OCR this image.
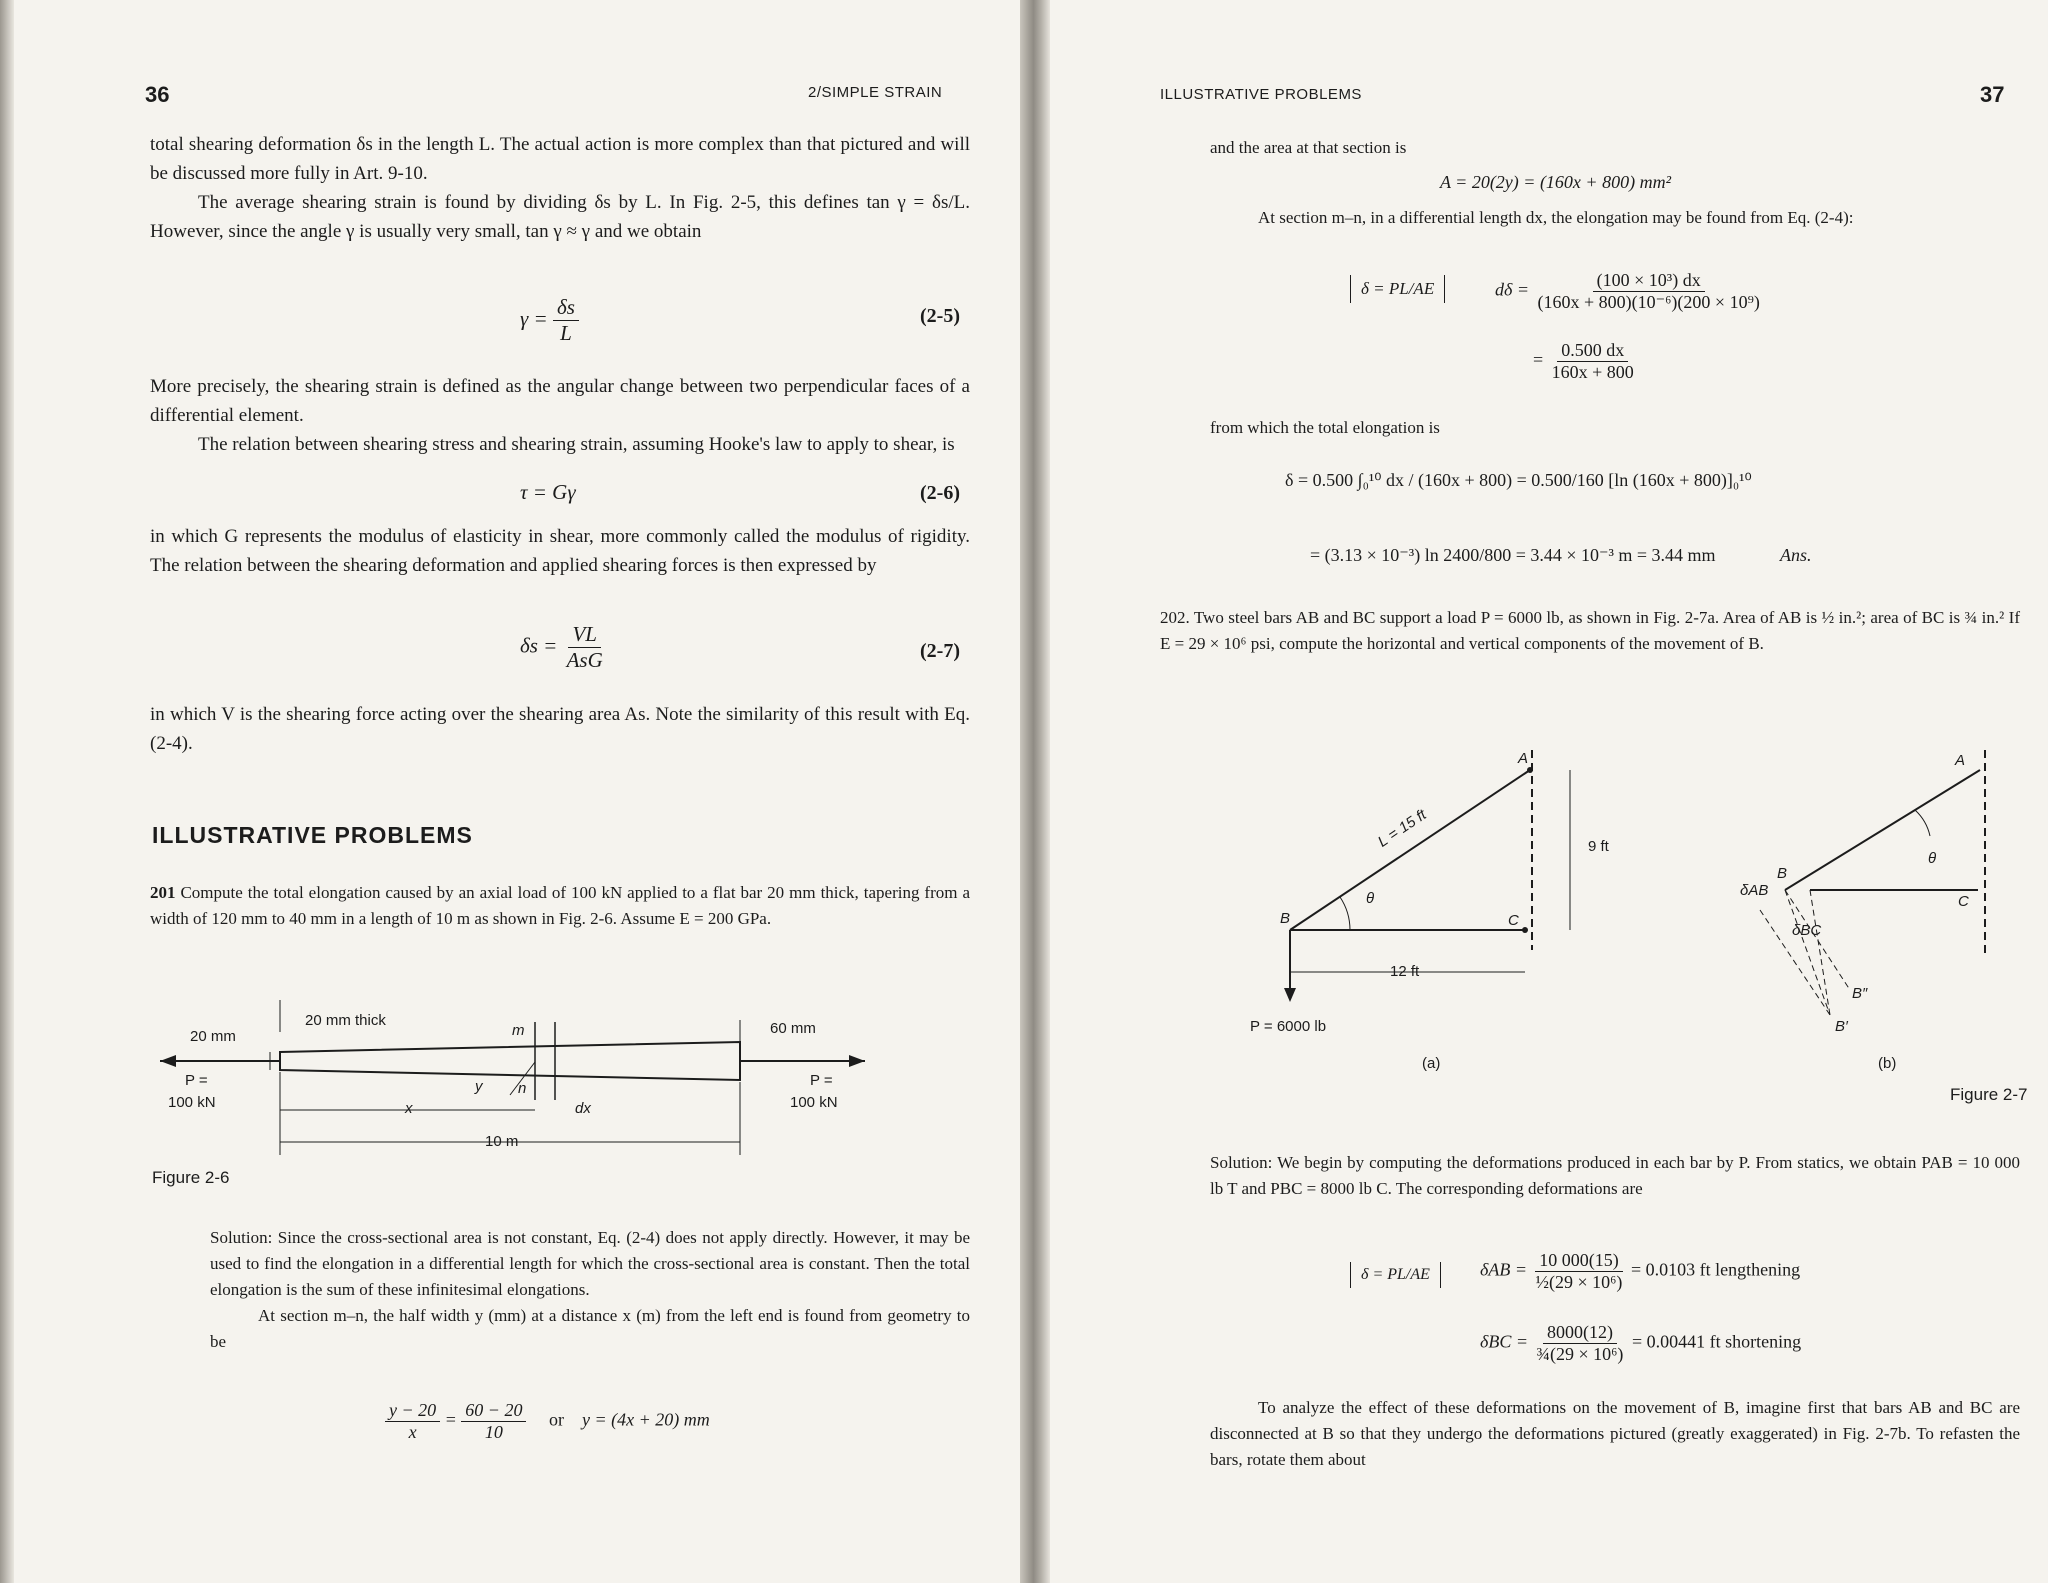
36	2/SIMPLE STRAIN

total shearing deformation δs in the length L. The actual action is more complex than that pictured and will be discussed more fully in Art. 9-10.

The average shearing strain is found by dividing δs by L. In Fig. 2-5, this defines tan γ = δs/L. However, since the angle γ is usually very small, tan γ ≈ γ and we obtain

$\gamma = \frac{\delta s}{L}$	(2-5)

More precisely, the shearing strain is defined as the angular change between two perpendicular faces of a differential element.

The relation between shearing stress and shearing strain, assuming Hooke's law to apply to shear, is

τ = Gγ	(2-6)

in which G represents the modulus of elasticity in shear, more commonly called the modulus of rigidity. The relation between the shearing deformation and applied shearing forces is then expressed by

$\delta s = \frac{VL}{\text{AsG}}$	(2-7)

in which V is the shearing force acting over the shearing area As. Note the similarity of this result with Eq. (2-4).

ILLUSTRATIVE PROBLEMS

201 Compute the total elongation caused by an axial load of 100 kN applied to a flat bar 20 mm thick, tapering from a width of 120 mm to 40 mm in a length of 10 m as shown in Fig. 2-6. Assume E = 200 GPa.

20 mm thick
20 mm	60 mm
P =
100 kN
P =
100 kN
m
n
y
x	dx
10 m
Figure 2-6

Solution: Since the cross-sectional area is not constant, Eq. (2-4) does not apply directly. However, it may be used to find the elongation in a differential length for which the cross-sectional area is constant. Then the total elongation is the sum of these infinitesimal elongations.

At section m–n, the half width y (mm) at a distance x (m) from the left end is found from geometry to be

$\frac{y - 20}{x} = \frac{60 - 20}{10}$ or y = (4x + 20) mm
ILLUSTRATIVE PROBLEMS	37
and the area at that section is
A = 20(2y) = (160x + 800) mm²

At section m–n, in a differential length dx, the elongation may be found from Eq. (2-4):

δ = PL/AE	$d\delta = \frac{\text{(100 × 10³) dx}}{\text{(160x + 800)(10⁻⁶)(200 × 10⁹)}}$
= $\frac{0.500 dx}{160x + 800}$
from which the total elongation is
δ = 0.500 ∫₀¹⁰ dx / (160x + 800) = 0.500/160 [ln (160x + 800)]₀¹⁰
= (3.13 × 10⁻³) ln 2400/800 = 3.44 × 10⁻³ m = 3.44 mm	Ans.

202. Two steel bars AB and BC support a load P = 6000 lb, as shown in Fig. 2-7a. Area of AB is ½ in.²; area of BC is ¾ in.² If E = 29 × 10⁶ psi, compute the horizontal and vertical components of the movement of B.

A
B	C
L = 15 ft
θ
9 ft
12 ft
P = 6000 lb
(a)
A
B
C
θ
δAB
δBC
B″
B′
(b)
Figure 2-7

Solution: We begin by computing the deformations produced in each bar by P. From statics, we obtain PAB = 10 000 lb T and PBC = 8000 lb C. The corresponding deformations are

δ = PL/AE	$\delta AB = \frac{10 000(15)}{\text{½(29 × 10⁶)}} = 0.0103$ ft lengthening
$\delta BC = \frac{8000(12)}{\text{¾(29 × 10⁶)}} = 0.00441$ ft shortening

To analyze the effect of these deformations on the movement of B, imagine first that bars AB and BC are disconnected at B so that they undergo the deformations pictured (greatly exaggerated) in Fig. 2-7b. To refasten the bars, rotate them about
